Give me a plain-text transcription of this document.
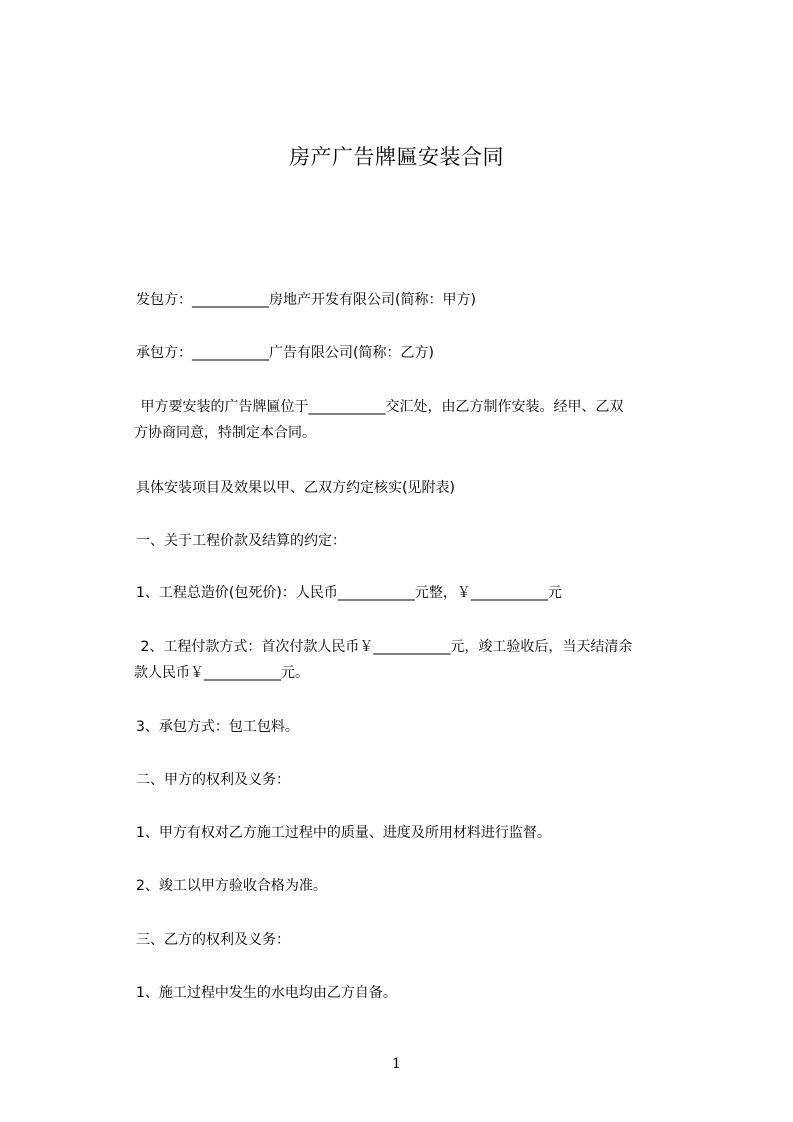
房产广告牌匾安装合同
发包方：___________房地产开发有限公司(简称：甲方)
承包方：___________广告有限公司(简称：乙方)
甲方要安装的广告牌匾位于___________交汇处，由乙方制作安装。经甲、乙双
方协商同意，特制定本合同。
具体安装项目及效果以甲、乙双方约定核实(见附表)
一、关于工程价款及结算的约定：
1、工程总造价(包死价)：人民币___________元整，￥___________元
2、工程付款方式：首次付款人民币￥___________元，竣工验收后，当天结清余
款人民币￥___________元。
3、承包方式：包工包料。
二、甲方的权利及义务：
1、甲方有权对乙方施工过程中的质量、进度及所用材料进行监督。
2、竣工以甲方验收合格为准。
三、乙方的权利及义务：
1、施工过程中发生的水电均由乙方自备。
1
